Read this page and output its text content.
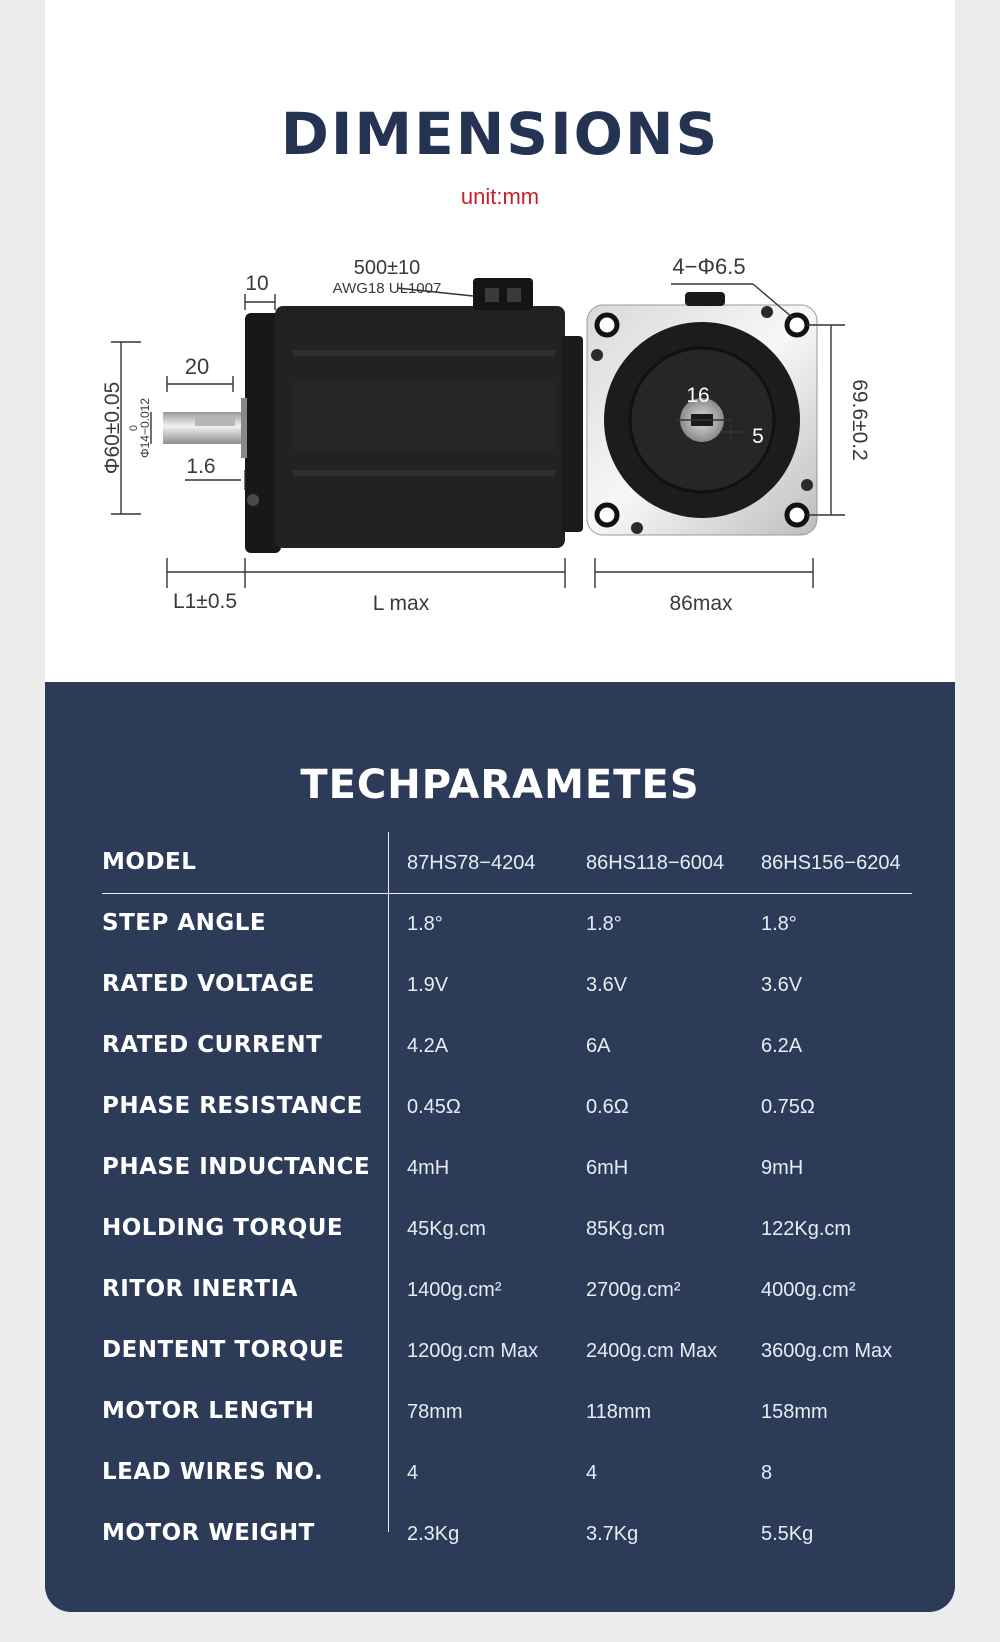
DIMENSIONS
unit:mm
500±10
AWG18 UL1007
10
20
1.6
Φ60±0.05 Φ14−0.012
0
L1±0.5	L max
4−Φ6.5
16
5	69.6±0.2
86max
TECHPARAMETES
MODEL	87HS78−4204	86HS118−6004 86HS156−6204
STEP ANGLE	1.8°	1.8°	1.8°
RATED VOLTAGE	1.9V	3.6V	3.6V
RATED CURRENT	4.2A	6A	6.2A
PHASE RESISTANCE 0.45Ω	0.6Ω	0.75Ω
PHASE INDUCTANCE 4mH	6mH	9mH
HOLDING TORQUE	45Kg.cm	85Kg.cm	122Kg.cm
RITOR INERTIA	1400g.cm²	2700g.cm²	4000g.cm²
DENTENT TORQUE	1200g.cm Max 2400g.cm Max 3600g.cm Max
MOTOR LENGTH	78mm	118mm	158mm
LEAD WIRES NO.	4	4	8
MOTOR WEIGHT	2.3Kg	3.7Kg	5.5Kg
